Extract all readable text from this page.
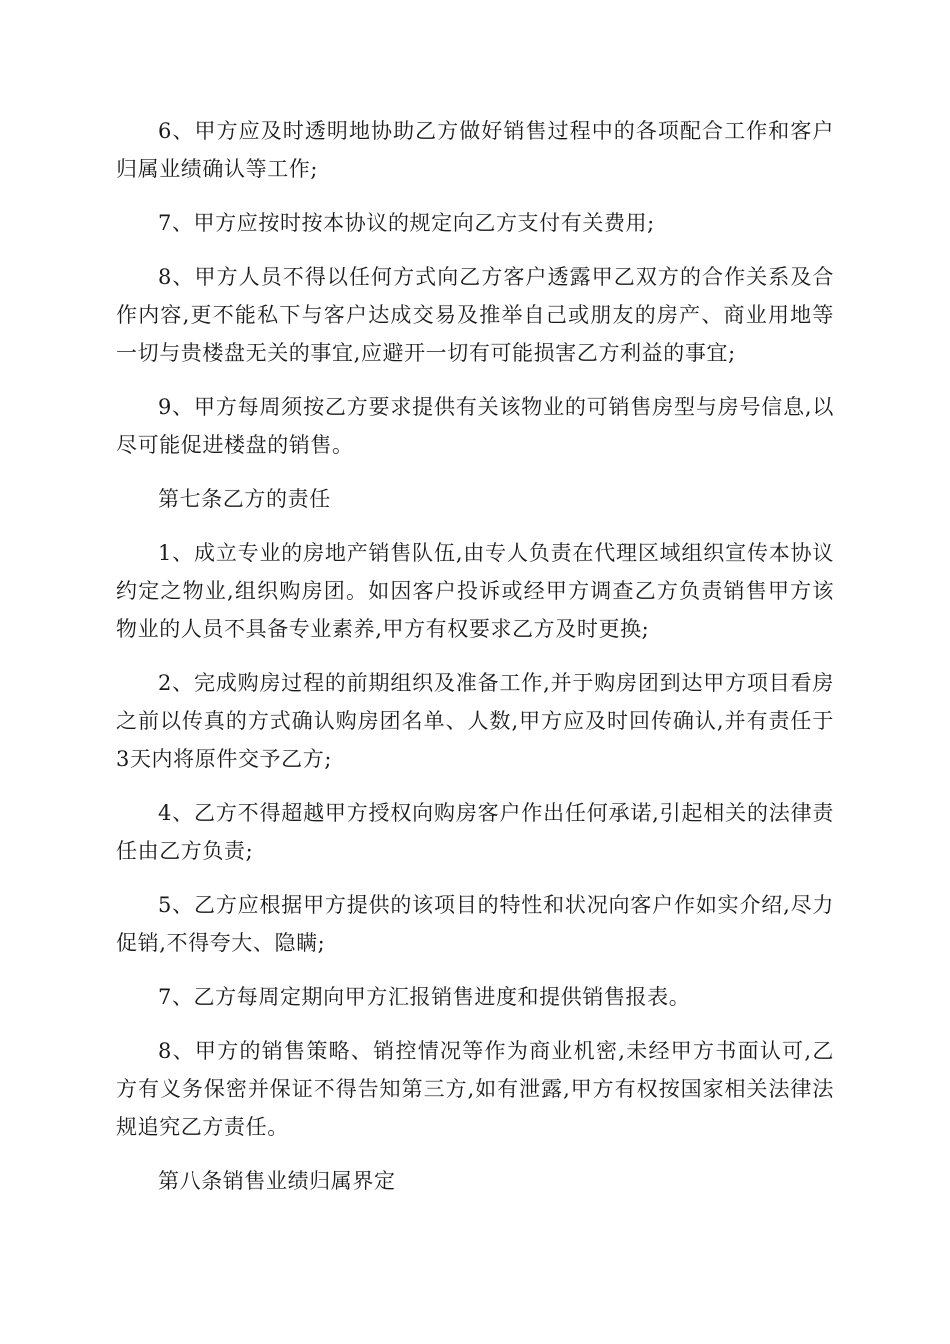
6、甲方应及时透明地协助乙方做好销售过程中的各项配合工作和客户归属业绩确认等工作;

7、甲方应按时按本协议的规定向乙方支付有关费用;

8、甲方人员不得以任何方式向乙方客户透露甲乙双方的合作关系及合作内容,更不能私下与客户达成交易及推举自己或朋友的房产、商业用地等一切与贵楼盘无关的事宜,应避开一切有可能损害乙方利益的事宜;

9、甲方每周须按乙方要求提供有关该物业的可销售房型与房号信息,以尽可能促进楼盘的销售。

第七条乙方的责任

1、成立专业的房地产销售队伍,由专人负责在代理区域组织宣传本协议约定之物业,组织购房团。如因客户投诉或经甲方调查乙方负责销售甲方该物业的人员不具备专业素养,甲方有权要求乙方及时更换;

2、完成购房过程的前期组织及准备工作,并于购房团到达甲方项目看房之前以传真的方式确认购房团名单、人数,甲方应及时回传确认,并有责任于3天内将原件交予乙方;

4、乙方不得超越甲方授权向购房客户作出任何承诺,引起相关的法律责任由乙方负责;

5、乙方应根据甲方提供的该项目的特性和状况向客户作如实介绍,尽力促销,不得夸大、隐瞒;

7、乙方每周定期向甲方汇报销售进度和提供销售报表。

8、甲方的销售策略、销控情况等作为商业机密,未经甲方书面认可,乙方有义务保密并保证不得告知第三方,如有泄露,甲方有权按国家相关法律法规追究乙方责任。

第八条销售业绩归属界定
